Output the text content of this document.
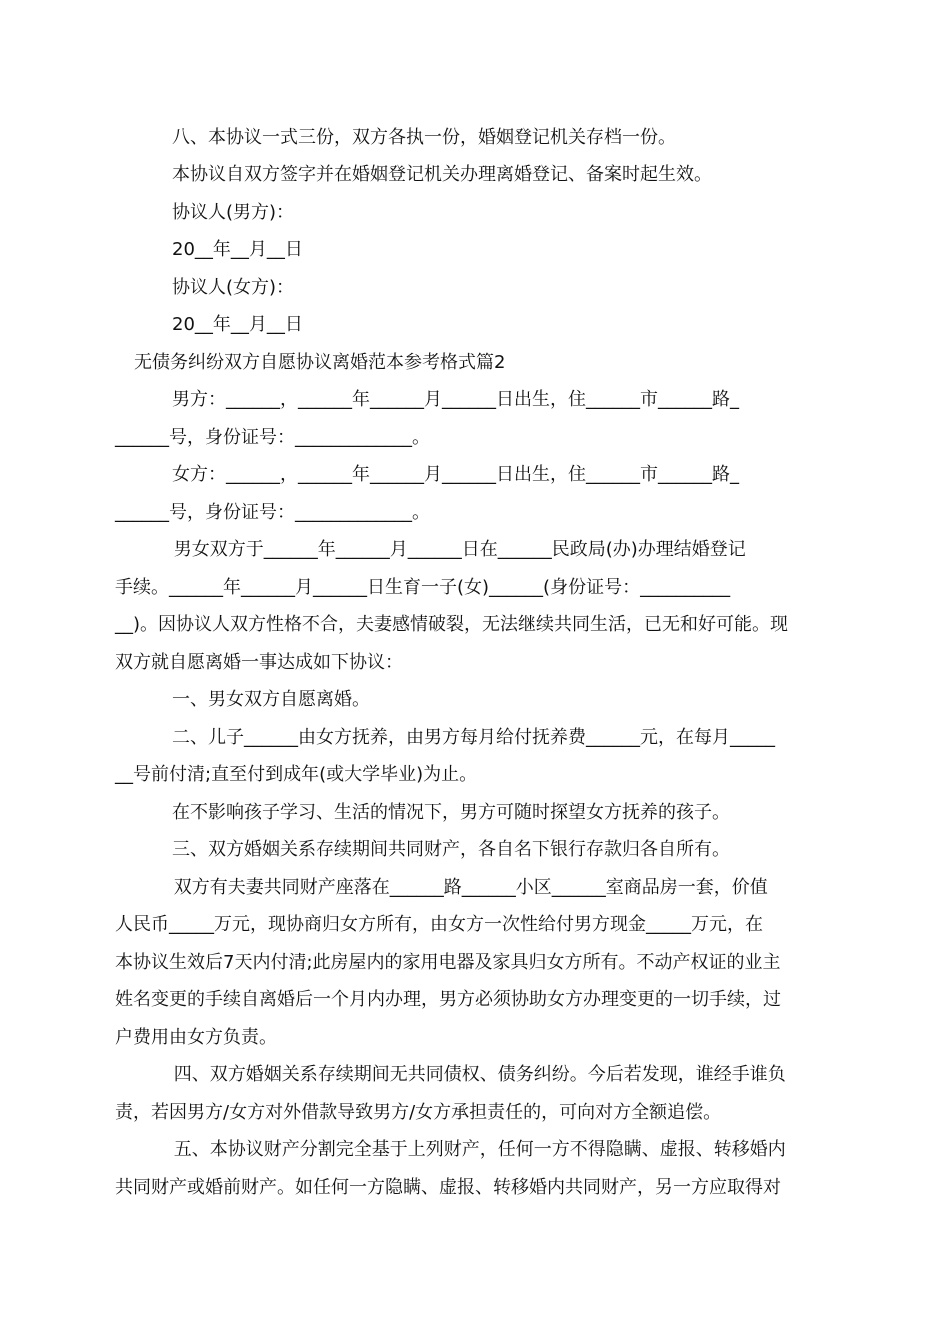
八、本协议一式三份，双方各执一份，婚姻登记机关存档一份。

本协议自双方签字并在婚姻登记机关办理离婚登记、备案时起生效。

协议人(男方)：

20__年__月__日

协议人(女方)：

20__年__月__日

无债务纠纷双方自愿协议离婚范本参考格式篇2

男方：______，______年______月______日出生，住______市______路_

______号，身份证号：_____________。

女方：______，______年______月______日出生，住______市______路_

______号，身份证号：_____________。

男女双方于______年______月______日在______民政局(办)办理结婚登记

手续。______年______月______日生育一子(女)______(身份证号：__________

__)。因协议人双方性格不合，夫妻感情破裂，无法继续共同生活，已无和好可能。现

双方就自愿离婚一事达成如下协议：

一、男女双方自愿离婚。

二、儿子______由女方抚养，由男方每月给付抚养费______元，在每月_____

__号前付清;直至付到成年(或大学毕业)为止。

在不影响孩子学习、生活的情况下，男方可随时探望女方抚养的孩子。

三、双方婚姻关系存续期间共同财产，各自名下银行存款归各自所有。

双方有夫妻共同财产座落在______路______小区______室商品房一套，价值

人民币_____万元，现协商归女方所有，由女方一次性给付男方现金_____万元，在

本协议生效后7天内付清;此房屋内的家用电器及家具归女方所有。不动产权证的业主

姓名变更的手续自离婚后一个月内办理，男方必须协助女方办理变更的一切手续，过

户费用由女方负责。

四、双方婚姻关系存续期间无共同债权、债务纠纷。今后若发现，谁经手谁负

责，若因男方/女方对外借款导致男方/女方承担责任的，可向对方全额追偿。

五、本协议财产分割完全基于上列财产，任何一方不得隐瞒、虚报、转移婚内

共同财产或婚前财产。如任何一方隐瞒、虚报、转移婚内共同财产，另一方应取得对
